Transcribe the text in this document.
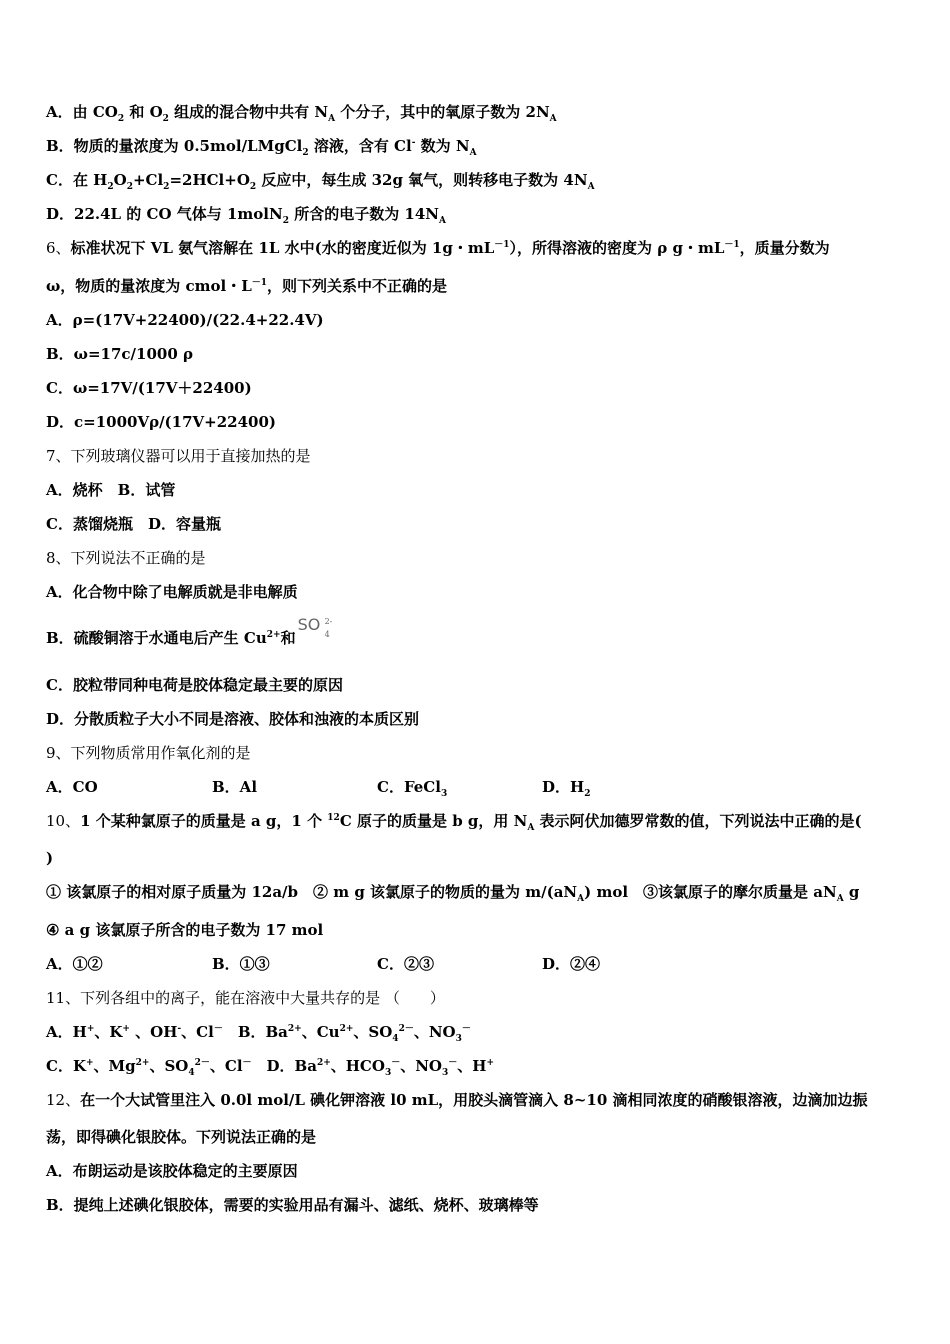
A．由 $CO_2$ 和 $O_2$ 组成的混合物中共有 $N_A$ 个分子，其中的氧原子数为 $2N_A$
B．物质的量浓度为 0.5mol/LMgCl$_2$ 溶液，含有 Cl- 数为 $N_A$
C．在 $H_2O_2+Cl_2=2HCl+O_2$ 反应中，每生成 32g 氧气，则转移电子数为 $4N_A$
D．22.4L 的 CO 气体与 1molN$_2$ 所含的电子数为 $14N_A$
6、标准状况下 VL 氨气溶解在 1L 水中(水的密度近似为 1g・$mL^{-1}$），所得溶液的密度为 ρ g・$mL^{-1}$，质量分数为
ω，物质的量浓度为 cmol・$L^{-1}$，则下列关系中不正确的是
A．ρ=(17V+22400)/(22.4+22.4V)
B．ω=17c/1000 ρ
C．ω=17V/(17V＋22400)
D．c=1000Vρ/(17V+22400)
7、下列玻璃仪器可以用于直接加热的是
A．烧杯　B．试管
C．蒸馏烧瓶　D．容量瓶
8、下列说法不正确的是
A．化合物中除了电解质就是非电解质
B．硫酸铜溶于水通电后产生 $Cu^{2+}$和
SO 2-
4
C．胶粒带同种电荷是胶体稳定最主要的原因
D．分散质粒子大小不同是溶液、胶体和浊液的本质区别
9、下列物质常用作氧化剂的是
A．CO	B．Al	C．FeCl$_3$	D．$H_2$
10、1 个某种氯原子的质量是 a g，1 个 $^{12}$C 原子的质量是 b g，用 $N_A$ 表示阿伏加德罗常数的值，下列说法中正确的是(
)
① 该氯原子的相对原子质量为 12a/b　② m g 该氯原子的物质的量为 $m/(aN_A)$ mol　③该氯原子的摩尔质量是 $aN_A$ g
④ a g 该氯原子所含的电子数为 17 mol
A．①②	B．①③	C．②③	D．②④
11、下列各组中的离子，能在溶液中大量共存的是 （　　）
A．H+、K+ 、OH-、Cl－　B．$Ba^{2+}$、$Cu^{2+}$、$SO_4^{2-}$、$NO_3^-$
C．K+、$Mg^{2+}$、$SO_4^{2-}$、Cl－　D．$Ba^{2+}$、$HCO_3^-$、$NO_3^-$、H+
12、在一个大试管里注入 0.0l mol/L 碘化钾溶液 l0 mL，用胶头滴管滴入 8~10 滴相同浓度的硝酸银溶液，边滴加边振
荡，即得碘化银胶体。下列说法正确的是
A．布朗运动是该胶体稳定的主要原因
B．提纯上述碘化银胶体，需要的实验用品有漏斗、滤纸、烧杯、玻璃棒等
